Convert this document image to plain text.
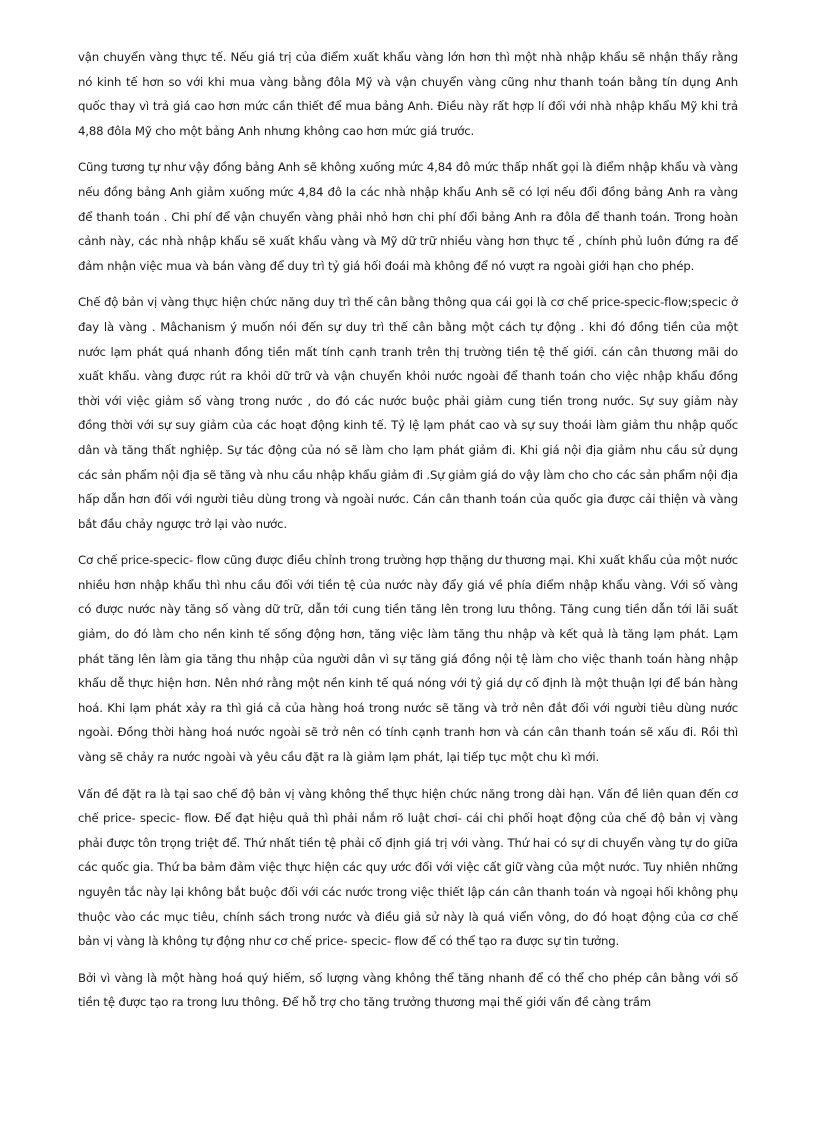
vận chuyển vàng thực tế. Nếu giá trị của điểm xuất khẩu vàng lớn hơn thì một nhà nhập khẩu sẽ nhận thấy rằng nó kinh tế hơn so với khi mua vàng bằng đôla Mỹ và vận chuyển vàng cũng như thanh toán bằng tín dụng Anh quốc thay vì trả giá cao hơn mức cần thiết để mua bảng Anh. Điều này rất hợp lí đối với nhà nhập khẩu Mỹ khi trả 4,88 đôla Mỹ cho một bảng Anh nhưng không cao hơn mức giá trước.

Cũng tương tự như vậy đồng bảng Anh sẽ không xuống mức 4,84 đô mức thấp nhất gọi là điểm nhập khẩu và vàng nếu đồng bảng Anh giảm xuống mức 4,84 đô la các nhà nhập khẩu Anh sẽ có lợi nếu đổi đồng bảng Anh ra vàng để thanh toán . Chi phí để vận chuyển vàng phải nhỏ hơn chi phí đổi bảng Anh ra đôla để thanh toán. Trong hoàn cảnh này, các nhà nhập khẩu sẽ xuất khẩu vàng và Mỹ dữ trữ nhiều vàng hơn thực tế , chính phủ luôn đứng ra để đảm nhận việc mua và bán vàng để duy trì tỷ giá hối đoái mà không để nó vượt ra ngoài giới hạn cho phép.

Chế độ bản vị vàng thực hiện chức năng duy trì thế cân bằng thông qua cái gọi là cơ chế price-specic-flow;specic ở đay là vàng . Mâchanism ý muốn nói đến sự duy trì thế cân bằng một cách tự động . khi đó đồng tiền của một nước lạm phát quá nhanh đồng tiền mất tính cạnh tranh trên thị trường tiền tệ thế giới. cán cân thương mãi do xuất khẩu. vàng được rút ra khỏi dữ trữ và vận chuyển khỏi nước ngoài để thanh toán cho việc nhập khẩu đồng thời với việc giảm số vàng trong nước , do đó các nước buộc phải giảm cung tiền trong nước. Sự suy giảm này đồng thời với sự suy giảm của các hoạt động kinh tế. Tỷ lệ lạm phát cao và sự suy thoái làm giảm thu nhập quốc dân và tăng thất nghiệp. Sự tác động của nó sẽ làm cho lạm phát giảm đi. Khi giá nội địa giảm nhu cầu sử dụng các sản phẩm nội địa sẽ tăng và nhu cầu nhập khẩu giảm đi .Sự giảm giá do vậy làm cho cho các sản phẩm nội địa hấp dẫn hơn đối với người tiêu dùng trong và ngoài nước. Cán cân thanh toán của quốc gia được cải thiện và vàng bắt đầu chảy ngược trở lại vào nước.

Cơ chế price-specic- flow cũng được điều chỉnh trong trường hợp thặng dư thương mại. Khi xuất khẩu của một nước nhiều hơn nhập khẩu thì nhu cầu đối với tiền tệ của nước này đẩy giá về phía điểm nhập khẩu vàng. Với số vàng có được nước này tăng số vàng dữ trữ, dẫn tới cung tiền tăng lên trong lưu thông. Tăng cung tiền dẫn tới lãi suất giảm, do đó làm cho nền kinh tế sống động hơn, tăng việc làm tăng thu nhập và kết quả là tăng lạm phát. Lạm phát tăng lên làm gia tăng thu nhập của người dân vì sự tăng giá đồng nội tệ làm cho việc thanh toán hàng nhập khẩu dễ thực hiện hơn. Nên nhớ rằng một nền kinh tế quá nóng với tỷ giá dự cố định là một thuận lợi để bán hàng hoá. Khi lạm phát xảy ra thì giá cả của hàng hoá trong nước sẽ tăng và trở nên đắt đối với người tiêu dùng nước ngoài. Đồng thời hàng hoá nước ngoài sẽ trở nên có tính cạnh tranh hơn và cán cân thanh toán sẽ xấu đi. Rồi thì vàng sẽ chảy ra nước ngoài và yêu cầu đặt ra là giảm lạm phát, lại tiếp tục một chu kì mới.

Vấn đề đặt ra là tại sao chế độ bản vị vàng không thể thực hiện chức năng trong dài hạn. Vấn đề liên quan đến cơ chế price- specic- flow. Để đạt hiệu quả thì phải nắm rõ luật chơi- cái chi phối hoạt động của chế độ bản vị vàng phải được tôn trọng triệt để. Thứ nhất tiền tệ phải cố định giá trị với vàng. Thứ hai có sự di chuyển vàng tự do giữa các quốc gia. Thứ ba bảm đảm việc thực hiện các quy ước đối với việc cất giữ vàng của một nước. Tuy nhiên những nguyên tắc này lại không bắt buộc đối với các nước trong việc thiết lập cán cân thanh toán và ngoại hối không phụ thuộc vào các mục tiêu, chính sách trong nước và điều giả sử này là quá viển vông, do đó hoạt động của cơ chế bản vị vàng là không tự động như cơ chế price- specic- flow để có thể tạo ra được sự tin tưởng.

Bởi vì vàng là một hàng hoá quý hiếm, số lượng vàng không thể tăng nhanh để có thể cho phép cân bằng với số tiền tệ được tạo ra trong lưu thông. Để hỗ trợ cho tăng trưởng thương mại thế giới vấn đề càng trầm
